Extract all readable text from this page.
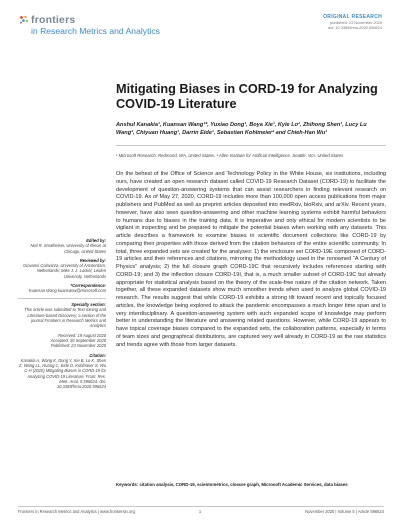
frontiers
in Research Metrics and Analytics
ORIGINAL RESEARCH
published: 23 November 2020
doi: 10.3389/frma.2020.596624
Mitigating Biases in CORD-19 for Analyzing COVID-19 Literature
Anshul Kanakia¹, Kuansan Wang¹*, Yuxiao Dong¹, Boya Xie¹, Kyle Lo², Zhihong Shen¹, Lucy Lu Wang², Chiyuan Huang¹, Darrin Eide¹, Sebastian Kohlmeier² and Chieh-Han Wu¹
¹ Microsoft Research, Redmond, WA, United States, ² Allen Institute for Artificial Intelligence, Seattle, WA, United States
On the behest of the Office of Science and Technology Policy in the White House, six institutions, including ours, have created an open research dataset called COVID-19 Research Dataset (CORD-19) to facilitate the development of question-answering systems that can assist researchers in finding relevant research on COVID-19. As of May 27, 2020, CORD-19 includes more than 100,000 open access publications from major publishers and PubMed as well as preprint articles deposited into medRxiv, bioRxiv, and arXiv. Recent years, however, have also seen question-answering and other machine learning systems exhibit harmful behaviors to humans due to biases in the training data. It is imperative and only ethical for modern scientists to be vigilant in inspecting and be prepared to mitigate the potential biases when working with any datasets. This article describes a framework to examine biases in scientific document collections like CORD-19 by comparing their properties with those derived from the citation behaviors of the entire scientific community. In total, three expanded sets are created for the analyses: 1) the enclosure set CORD-19E composed of CORD-19 articles and their references and citations, mirroring the methodology used in the renowned “A Century of Physics” analysis; 2) the full closure graph CORD-19C that recursively includes references starting with CORD-19; and 3) the inflection closure CORD-19I, that is, a much smaller subset of CORD-19C but already appropriate for statistical analysis based on the theory of the scale-free nature of the citation network. Taken together, all these expanded datasets show much smoother trends when used to analyze global COVID-19 research. The results suggest that while CORD-19 exhibits a strong tilt toward recent and topically focused articles, the knowledge being explored to attack the pandemic encompasses a much longer time span and is very interdisciplinary. A question-answering system with such expanded scope of knowledge may perform better in understanding the literature and answering related questions. However, while CORD-19 appears to have topical coverage biases compared to the expanded sets, the collaboration patterns, especially in terms of team sizes and geographical distributions, are captured very well already in CORD-19 as the raw statistics and trends agree with those from larger datasets.
Keywords: citation analysis, CORD-19, scientometrics, closure graph, Microsoft Academic Services, data biases
Edited by:
Neil R. Smalheiser, University of Illinois at Chicago, United States
Reviewed by:
Giovanni Colavizza, University of Amsterdam, Netherlands; Mike J. J. Luckel, Leiden University, Netherlands
*Correspondence:
Kuansan Wang kuansanw@microsoft.com
Specialty section:
This article was submitted to Text-mining and Literature-based Discovery, a section of the journal Frontiers in Research Metrics and Analytics
Received: 19 August 2020
Accepted: 30 September 2020
Published: 23 November 2020
Citation:
Kanakia A, Wang K, Dong Y, Xie B, Lo K, Shen Z, Wang LL, Huang C, Eide D, Kohlmeier S, Wu C-H (2020) Mitigating Biases in CORD-19 for Analyzing COVID-19 Literature. Front. Res. Metr. Anal. 5:596624. doi: 10.3389/frma.2020.596624
Frontiers in Research Metrics and Analytics | www.frontiersin.org	1	November 2020 | Volume 5 | Article 596624
